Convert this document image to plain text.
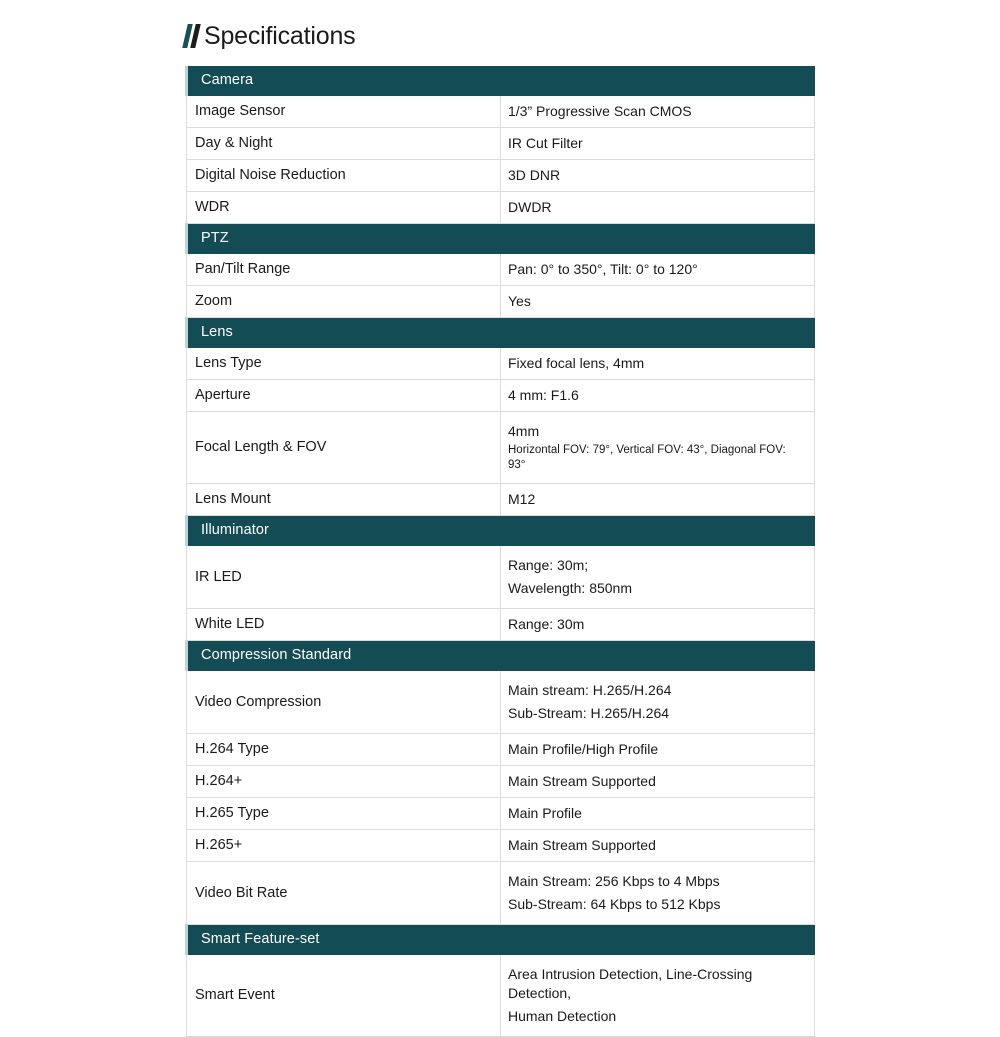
Specifications
Camera	
Image Sensor	1/3” Progressive Scan CMOS

Day & Night	IR Cut Filter

Digital Noise Reduction	3D DNR

WDR	DWDR

PTZ	
Pan/Tilt Range	Pan: 0° to 350°, Tilt: 0° to 120°

Zoom	Yes

Lens	
Lens Type	Fixed focal lens, 4mm

Aperture	4 mm: F1.6

Focal Length & FOV	4mm
Horizontal FOV: 79°, Vertical FOV: 43°, Diagonal FOV: 93°

Lens Mount	M12

Illuminator	
IR LED	Range: 30m;
Wavelength: 850nm

White LED	Range: 30m

Compression Standard	
Video Compression	Main stream: H.265/H.264
Sub-Stream: H.265/H.264

H.264 Type	Main Profile/High Profile

H.264+	Main Stream Supported

H.265 Type	Main Profile

H.265+	Main Stream Supported

Video Bit Rate	Main Stream: 256 Kbps to 4 Mbps
Sub-Stream: 64 Kbps to 512 Kbps

Smart Feature-set	
Smart Event	Area Intrusion Detection, Line-Crossing Detection,
Human Detection
